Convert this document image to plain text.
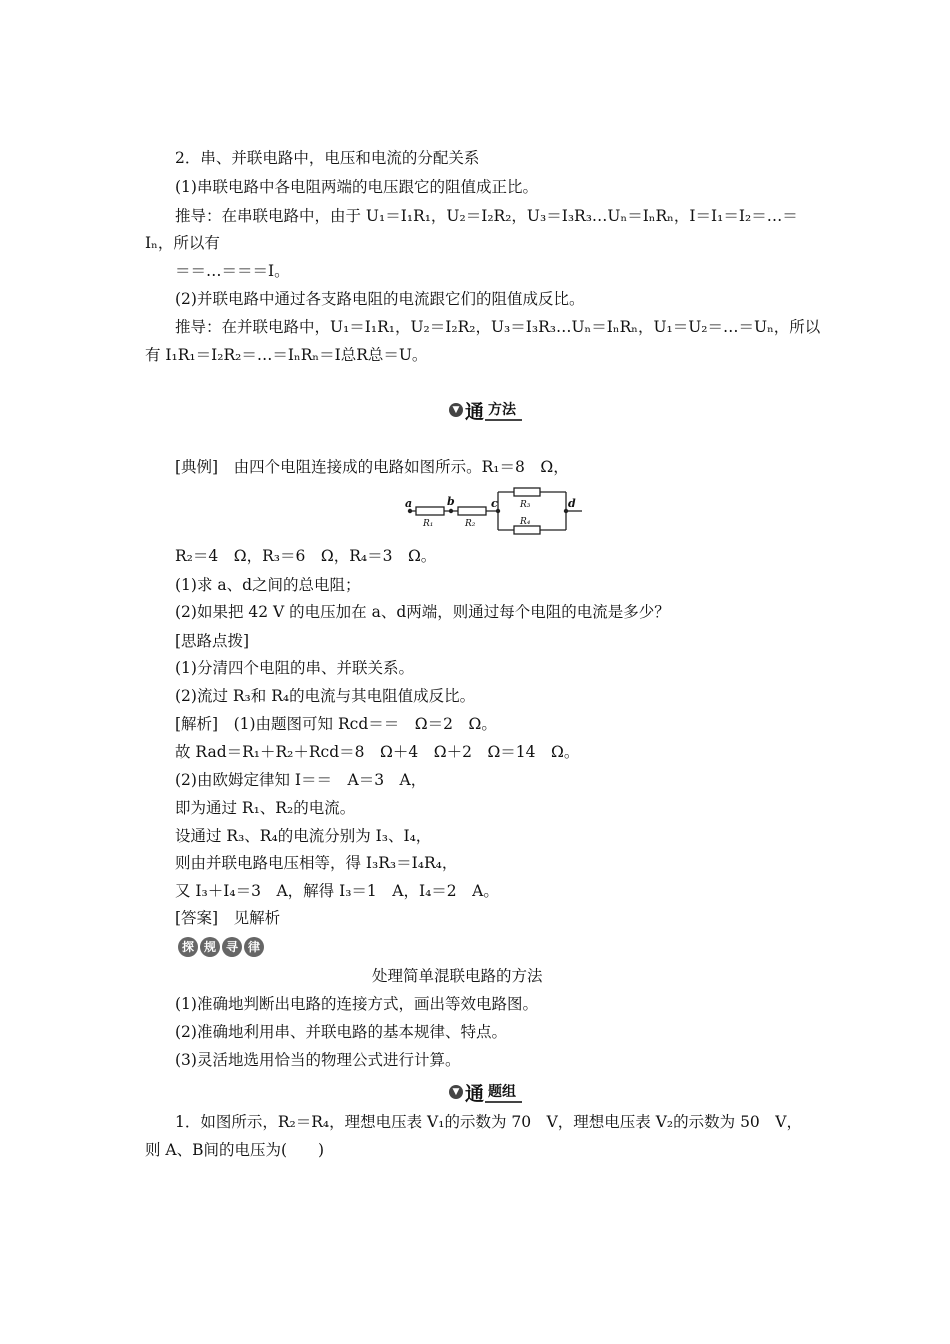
2．串、并联电路中，电压和电流的分配关系
(1)串联电路中各电阻两端的电压跟它的阻值成正比。
推导：在串联电路中，由于 U₁＝I₁R₁，U₂＝I₂R₂，U₃＝I₃R₃…Uₙ＝IₙRₙ，I＝I₁＝I₂＝…＝
Iₙ，所以有
＝＝…＝＝＝I。
(2)并联电路中通过各支路电阻的电流跟它们的阻值成反比。
推导：在并联电路中，U₁＝I₁R₁，U₂＝I₂R₂，U₃＝I₃R₃…Uₙ＝IₙRₙ，U₁＝U₂＝…＝Uₙ，所以
有 I₁R₁＝I₂R₂＝…＝IₙRₙ＝I总R总＝U。
▼ 通 方法
[典例]　由四个电阻连接成的电路如图所示。R₁＝8　Ω，
a	b	c	d
R₁	R₂
R₃
R₄
R₂＝4　Ω，R₃＝6　Ω，R₄＝3　Ω。
(1)求 a、d之间的总电阻；
(2)如果把 42 V 的电压加在 a、d两端，则通过每个电阻的电流是多少？
[思路点拨]
(1)分清四个电阻的串、并联关系。
(2)流过 R₃和 R₄的电流与其电阻值成反比。
[解析]　(1)由题图可知 Rcd＝＝　Ω＝2　Ω。
故 Rad＝R₁＋R₂＋Rcd＝8　Ω＋4　Ω＋2　Ω＝14　Ω。
(2)由欧姆定律知 I＝＝　A＝3　A，
即为通过 R₁、R₂的电流。
设通过 R₃、R₄的电流分别为 I₃、I₄，
则由并联电路电压相等，得 I₃R₃＝I₄R₄，
又 I₃＋I₄＝3　A，解得 I₃＝1　A，I₄＝2　A。
[答案]　见解析
探 规 寻 律
处理简单混联电路的方法
(1)准确地判断出电路的连接方式，画出等效电路图。
(2)准确地利用串、并联电路的基本规律、特点。
(3)灵活地选用恰当的物理公式进行计算。
▼ 通 题组
1．如图所示，R₂＝R₄，理想电压表 V₁的示数为 70　V，理想电压表 V₂的示数为 50　V，
则 A、B间的电压为(　　)
